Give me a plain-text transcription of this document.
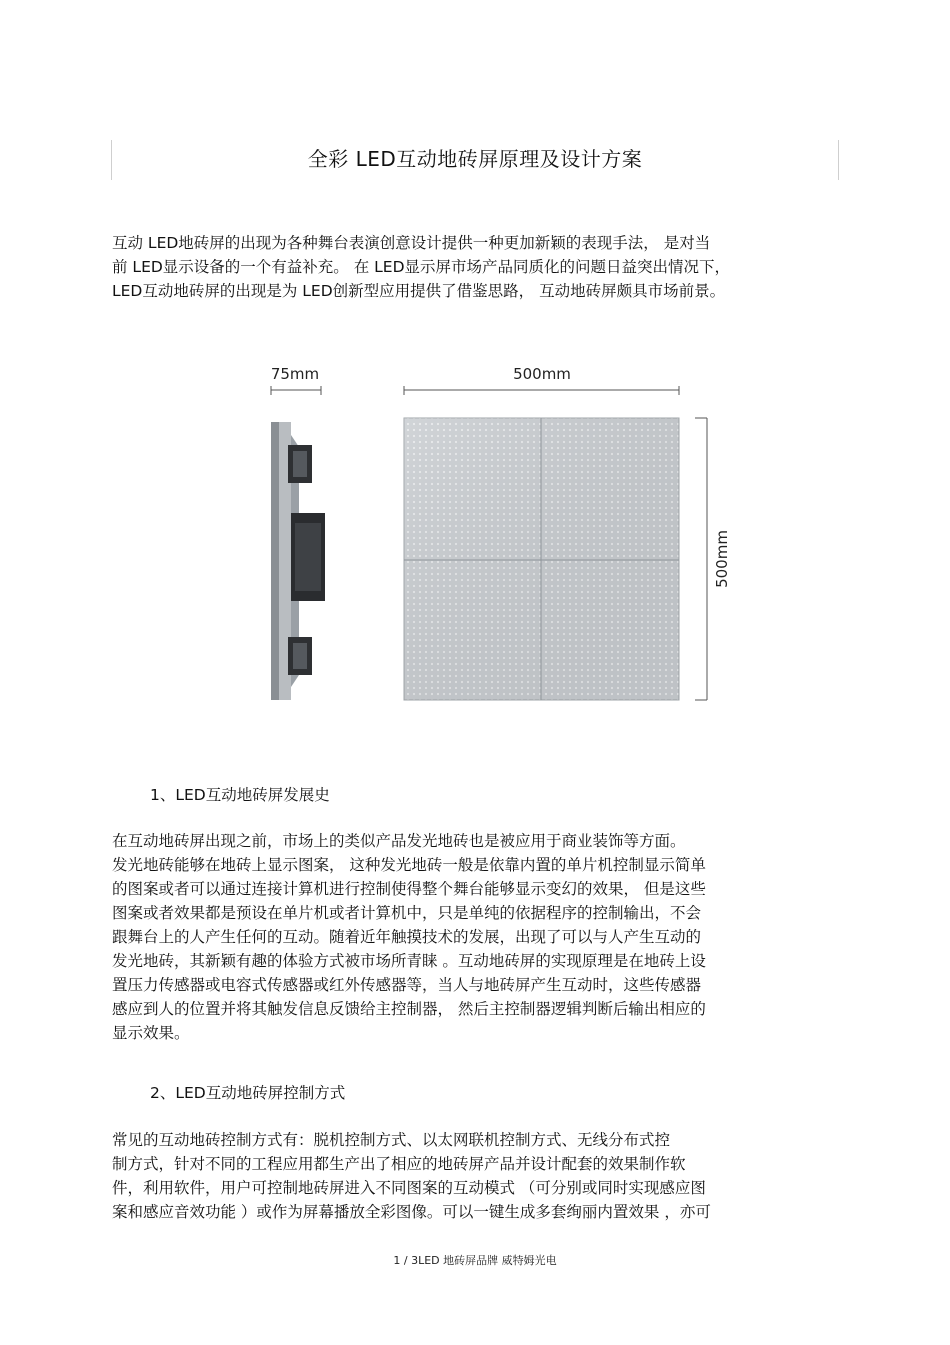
全彩 LED互动地砖屏原理及设计方案

互动 LED地砖屏的出现为各种舞台表演创意设计提供一种更加新颖的表现手法， 是对当
前 LED显示设备的一个有益补充。 在 LED显示屏市场产品同质化的问题日益突出情况下，
LED互动地砖屏的出现是为 LED创新型应用提供了借鉴思路， 互动地砖屏颇具市场前景。

75mm	500mm
500mm
1、LED互动地砖屏发展史

在互动地砖屏出现之前，市场上的类似产品发光地砖也是被应用于商业装饰等方面。
发光地砖能够在地砖上显示图案， 这种发光地砖一般是依靠内置的单片机控制显示简单
的图案或者可以通过连接计算机进行控制使得整个舞台能够显示变幻的效果， 但是这些
图案或者效果都是预设在单片机或者计算机中，只是单纯的依据程序的控制输出，不会
跟舞台上的人产生任何的互动。随着近年触摸技术的发展，出现了可以与人产生互动的
发光地砖，其新颖有趣的体验方式被市场所青睐 。互动地砖屏的实现原理是在地砖上设
置压力传感器或电容式传感器或红外传感器等，当人与地砖屏产生互动时，这些传感器
感应到人的位置并将其触发信息反馈给主控制器， 然后主控制器逻辑判断后输出相应的
显示效果。

2、LED互动地砖屏控制方式

常见的互动地砖控制方式有：脱机控制方式、以太网联机控制方式、无线分布式控
制方式，针对不同的工程应用都生产出了相应的地砖屏产品并设计配套的效果制作软
件，利用软件，用户可控制地砖屏进入不同图案的互动模式 （可分别或同时实现感应图
案和感应音效功能 ）或作为屏幕播放全彩图像。可以一键生成多套绚丽内置效果 ，亦可

1 / 3LED 地砖屏品牌 威特姆光电
